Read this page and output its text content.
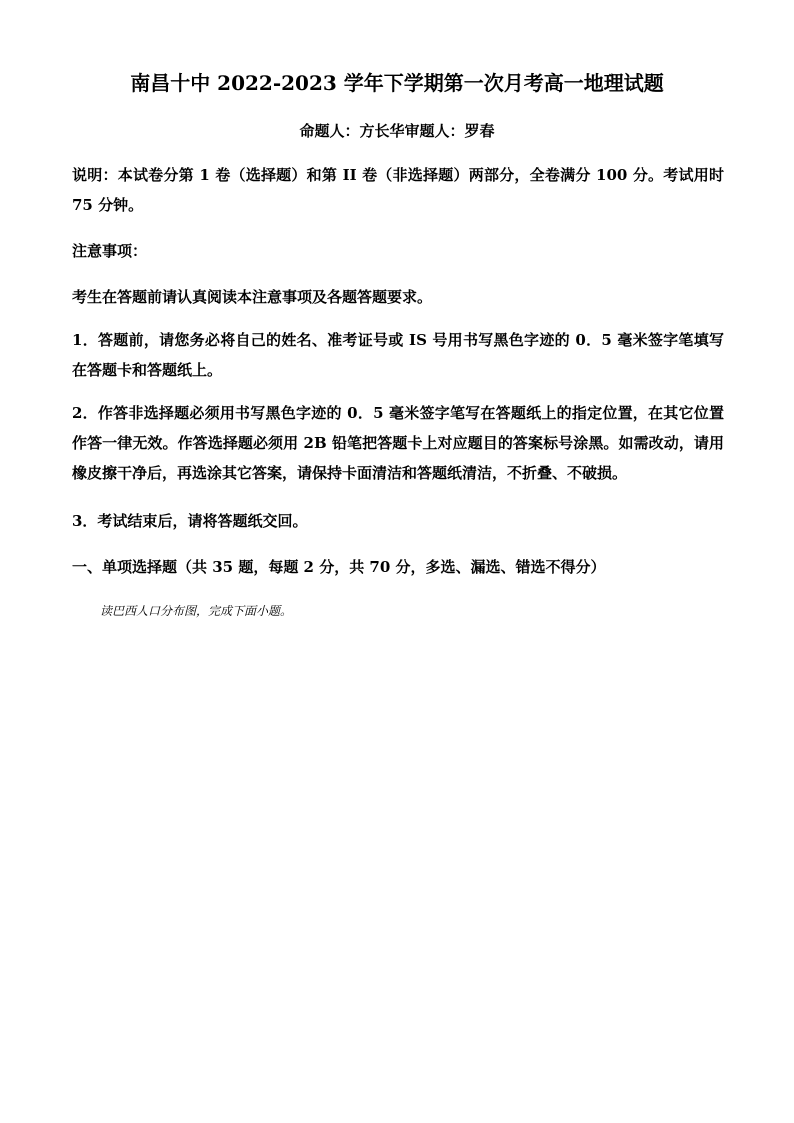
南昌十中 2022-2023 学年下学期第一次月考高一地理试题
命题人：方长华审题人：罗春
说明：本试卷分第 1 卷（选择题）和第 II 卷（非选择题）两部分，全卷满分 100 分。考试用时 75 分钟。
注意事项：
考生在答题前请认真阅读本注意事项及各题答题要求。
1．答题前，请您务必将自己的姓名、准考证号或 IS 号用书写黑色字迹的 0．5 毫米签字笔填写在答题卡和答题纸上。
2．作答非选择题必须用书写黑色字迹的 0．5 毫米签字笔写在答题纸上的指定位置，在其它位置作答一律无效。作答选择题必须用 2B 铅笔把答题卡上对应题目的答案标号涂黑。如需改动，请用橡皮擦干净后，再选涂其它答案，请保持卡面清洁和答题纸清洁，不折叠、不破损。
3．考试结束后，请将答题纸交回。
一、单项选择题（共 35 题，每题 2 分，共 70 分，多选、漏选、错选不得分）
读巴西人口分布图，完成下面小题。
